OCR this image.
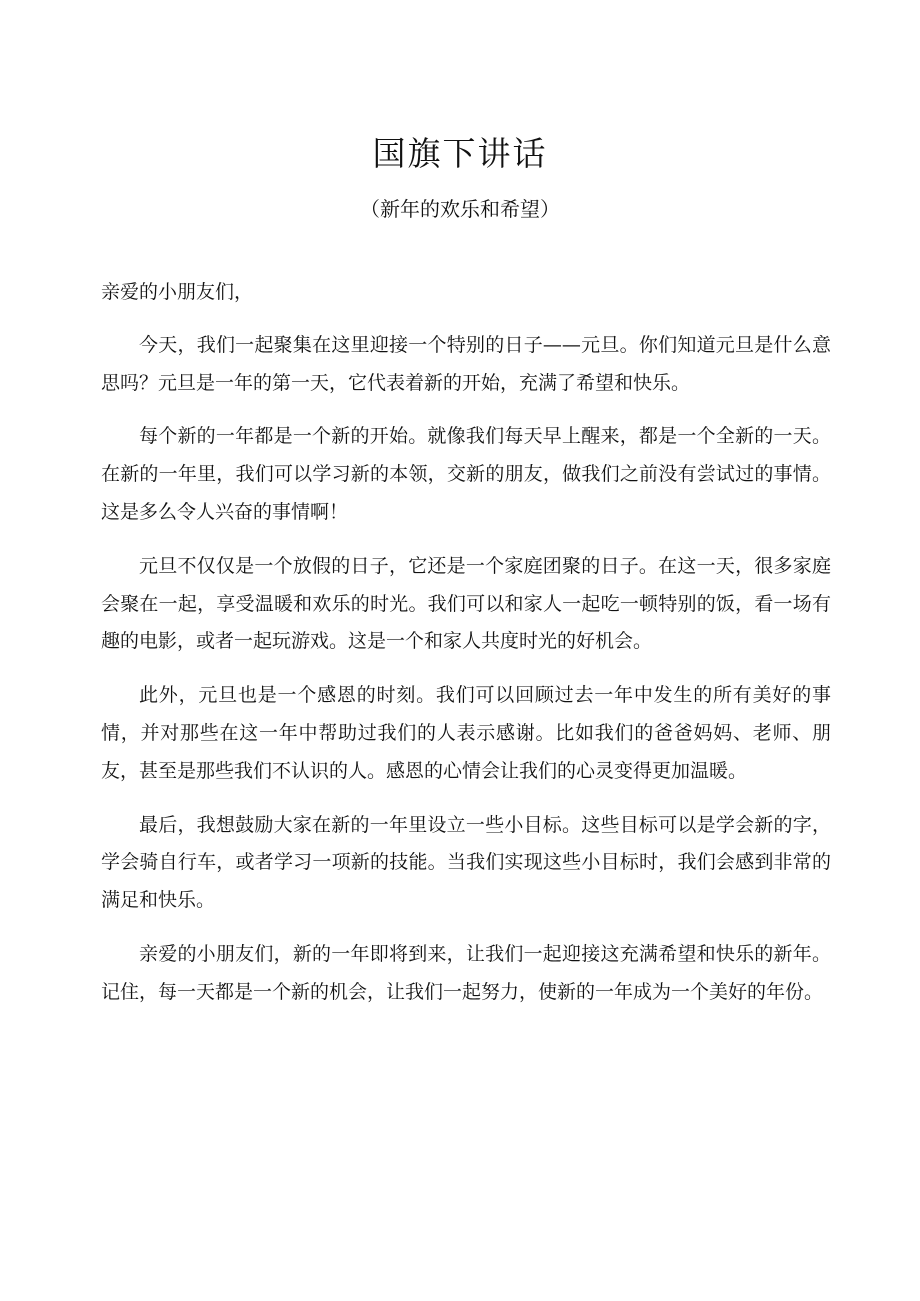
国旗下讲话

（新年的欢乐和希望）

亲爱的小朋友们，

今天，我们一起聚集在这里迎接一个特别的日子——元旦。你们知道元旦是什么意思吗？元旦是一年的第一天，它代表着新的开始，充满了希望和快乐。

每个新的一年都是一个新的开始。就像我们每天早上醒来，都是一个全新的一天。在新的一年里，我们可以学习新的本领，交新的朋友，做我们之前没有尝试过的事情。这是多么令人兴奋的事情啊！

元旦不仅仅是一个放假的日子，它还是一个家庭团聚的日子。在这一天，很多家庭会聚在一起，享受温暖和欢乐的时光。我们可以和家人一起吃一顿特别的饭，看一场有趣的电影，或者一起玩游戏。这是一个和家人共度时光的好机会。

此外，元旦也是一个感恩的时刻。我们可以回顾过去一年中发生的所有美好的事情，并对那些在这一年中帮助过我们的人表示感谢。比如我们的爸爸妈妈、老师、朋友，甚至是那些我们不认识的人。感恩的心情会让我们的心灵变得更加温暖。

最后，我想鼓励大家在新的一年里设立一些小目标。这些目标可以是学会新的字，学会骑自行车，或者学习一项新的技能。当我们实现这些小目标时，我们会感到非常的满足和快乐。

亲爱的小朋友们，新的一年即将到来，让我们一起迎接这充满希望和快乐的新年。记住，每一天都是一个新的机会，让我们一起努力，使新的一年成为一个美好的年份。
